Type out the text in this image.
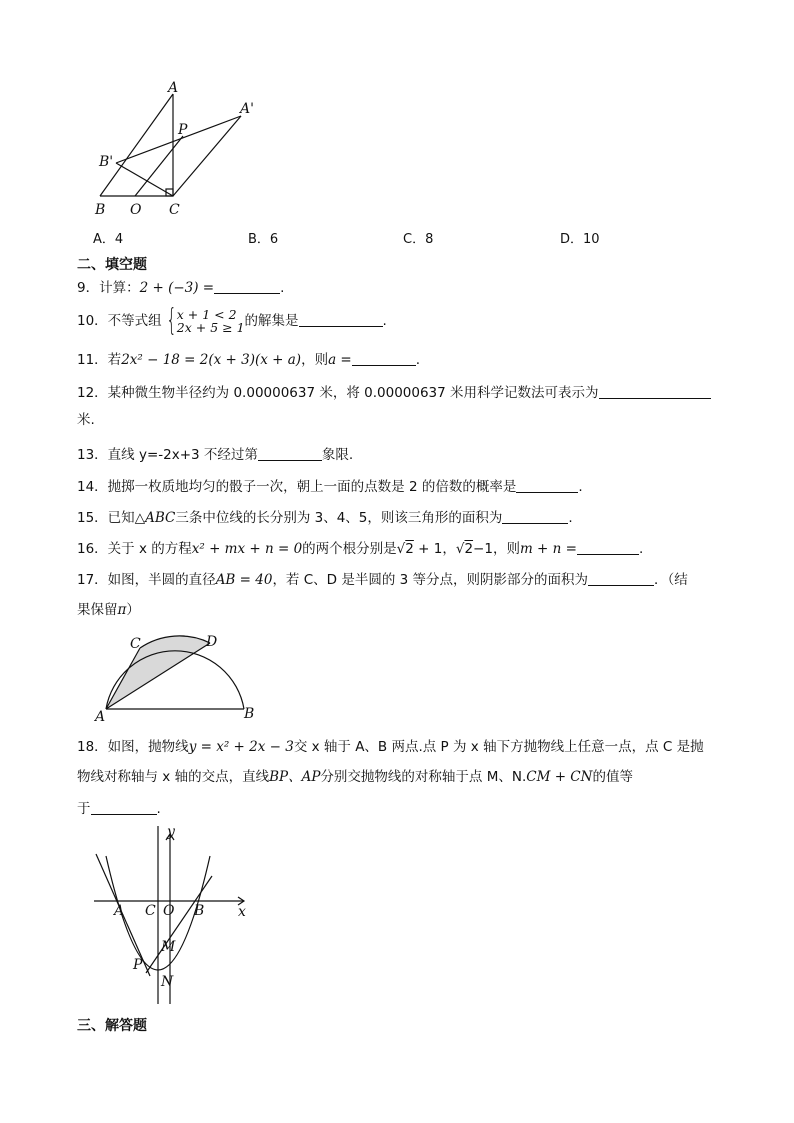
A
A'
P
B'
B O C
A．4	B．6	C．8	D．10
二、填空题
9．计算：2 + (−3) =	.
10．不等式组 {x + 1 < 2
2x + 5 ≥ 1的解集是	.
11．若2x² − 18 = 2(x + 3)(x + a)，则a =	.
12．某种微生物半径约为 0.00000637 米，将 0.00000637 米用科学记数法可表示为
米.
13．直线 y=-2x+3 不经过第	象限.
14．抛掷一枚质地均匀的骰子一次，朝上一面的点数是 2 的倍数的概率是	.
15．已知△ABC三条中位线的长分别为 3、4、5，则该三角形的面积为	.
16．关于 x 的方程x² + mx + n = 0的两个根分别是√2 + 1，√2−1，则m + n =	.
17．如图，半圆的直径AB = 40，若 C、D 是半圆的 3 等分点，则阴影部分的面积为	．（结
果保留π）
C	D
A	B
18．如图，抛物线y = x² + 2x − 3交 x 轴于 A、B 两点.点 P 为 x 轴下方抛物线上任意一点，点 C 是抛
物线对称轴与 x 轴的交点，直线BP、AP分别交抛物线的对称轴于点 M、N.CM + CN的值等
于	.
y
x
A C O B
M
P
N
三、解答题
